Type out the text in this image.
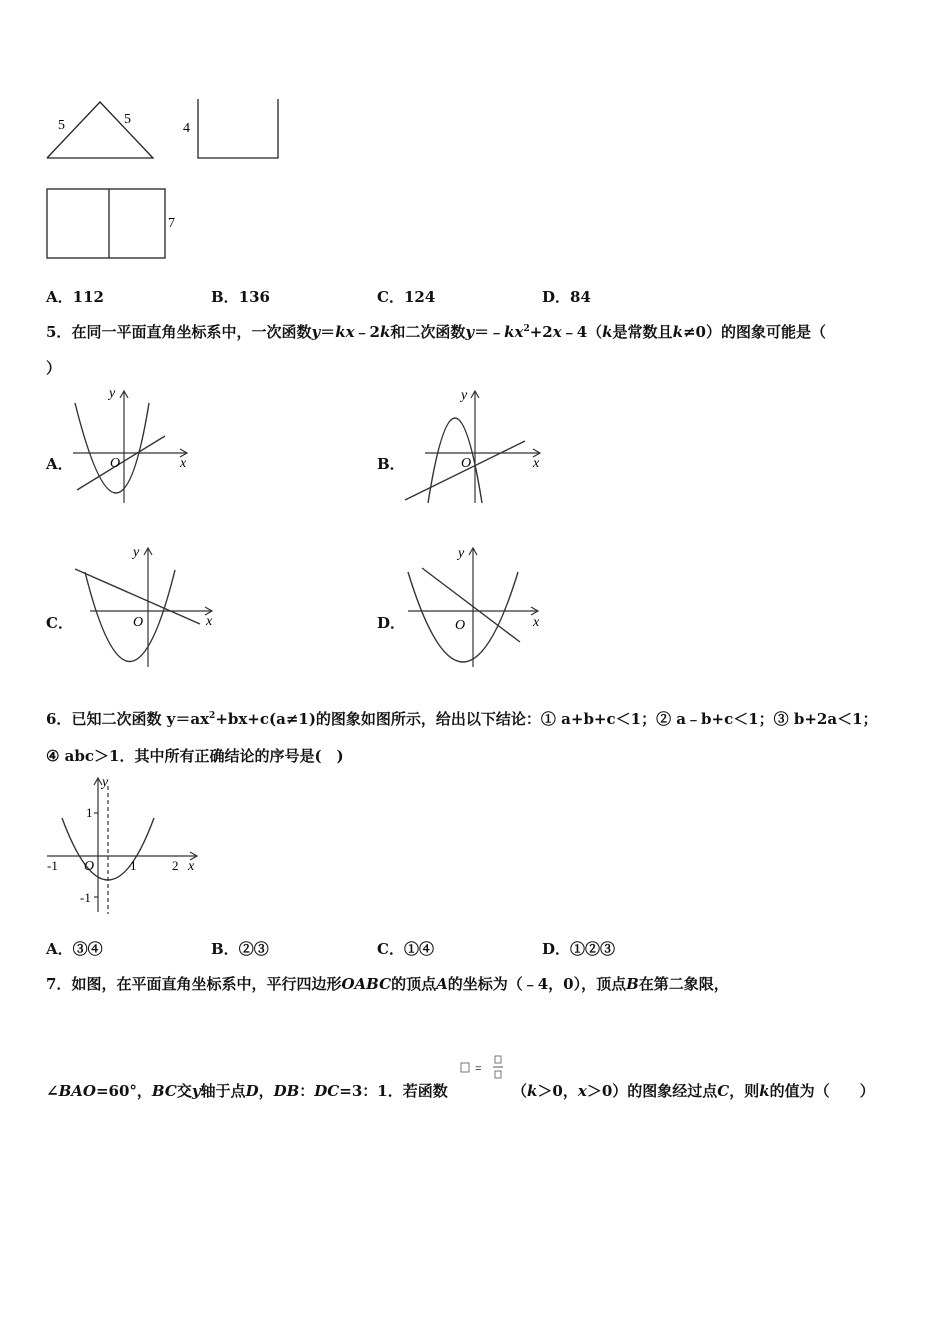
5	5
4
7
A．112	B．136	C．124	D．84
5．在同一平面直角坐标系中，一次函数y＝kx﹣2k和二次函数$y=﹣kx^2+2x﹣4(k$是常数且k≠0）的图象可能是（
）
A．	B．
C．	D．
x
y
O	x
y
O
x
y
O	x
y
O
6．已知二次函数 $y=ax^2+bx+c(a\ne 1)$的图象如图所示，给出以下结论：① a+b+c＜1；② a﹣b+c＜1；③ b+2a＜1；
④ abc＞1．其中所有正确结论的序号是(　)
y
x
O
1
-1
-1	1	2
A．③④	B．②③	C．①④	D．①②③
7．如图，在平面直角坐标系中，平行四边形OABC的顶点A的坐标为（﹣4，0），顶点B在第二象限，
=
∠BAO=60°，BC交y轴于点D，DB：DC=3：1．若函数	（k＞0，x＞0）的图象经过点C，则k的值为（　　）
